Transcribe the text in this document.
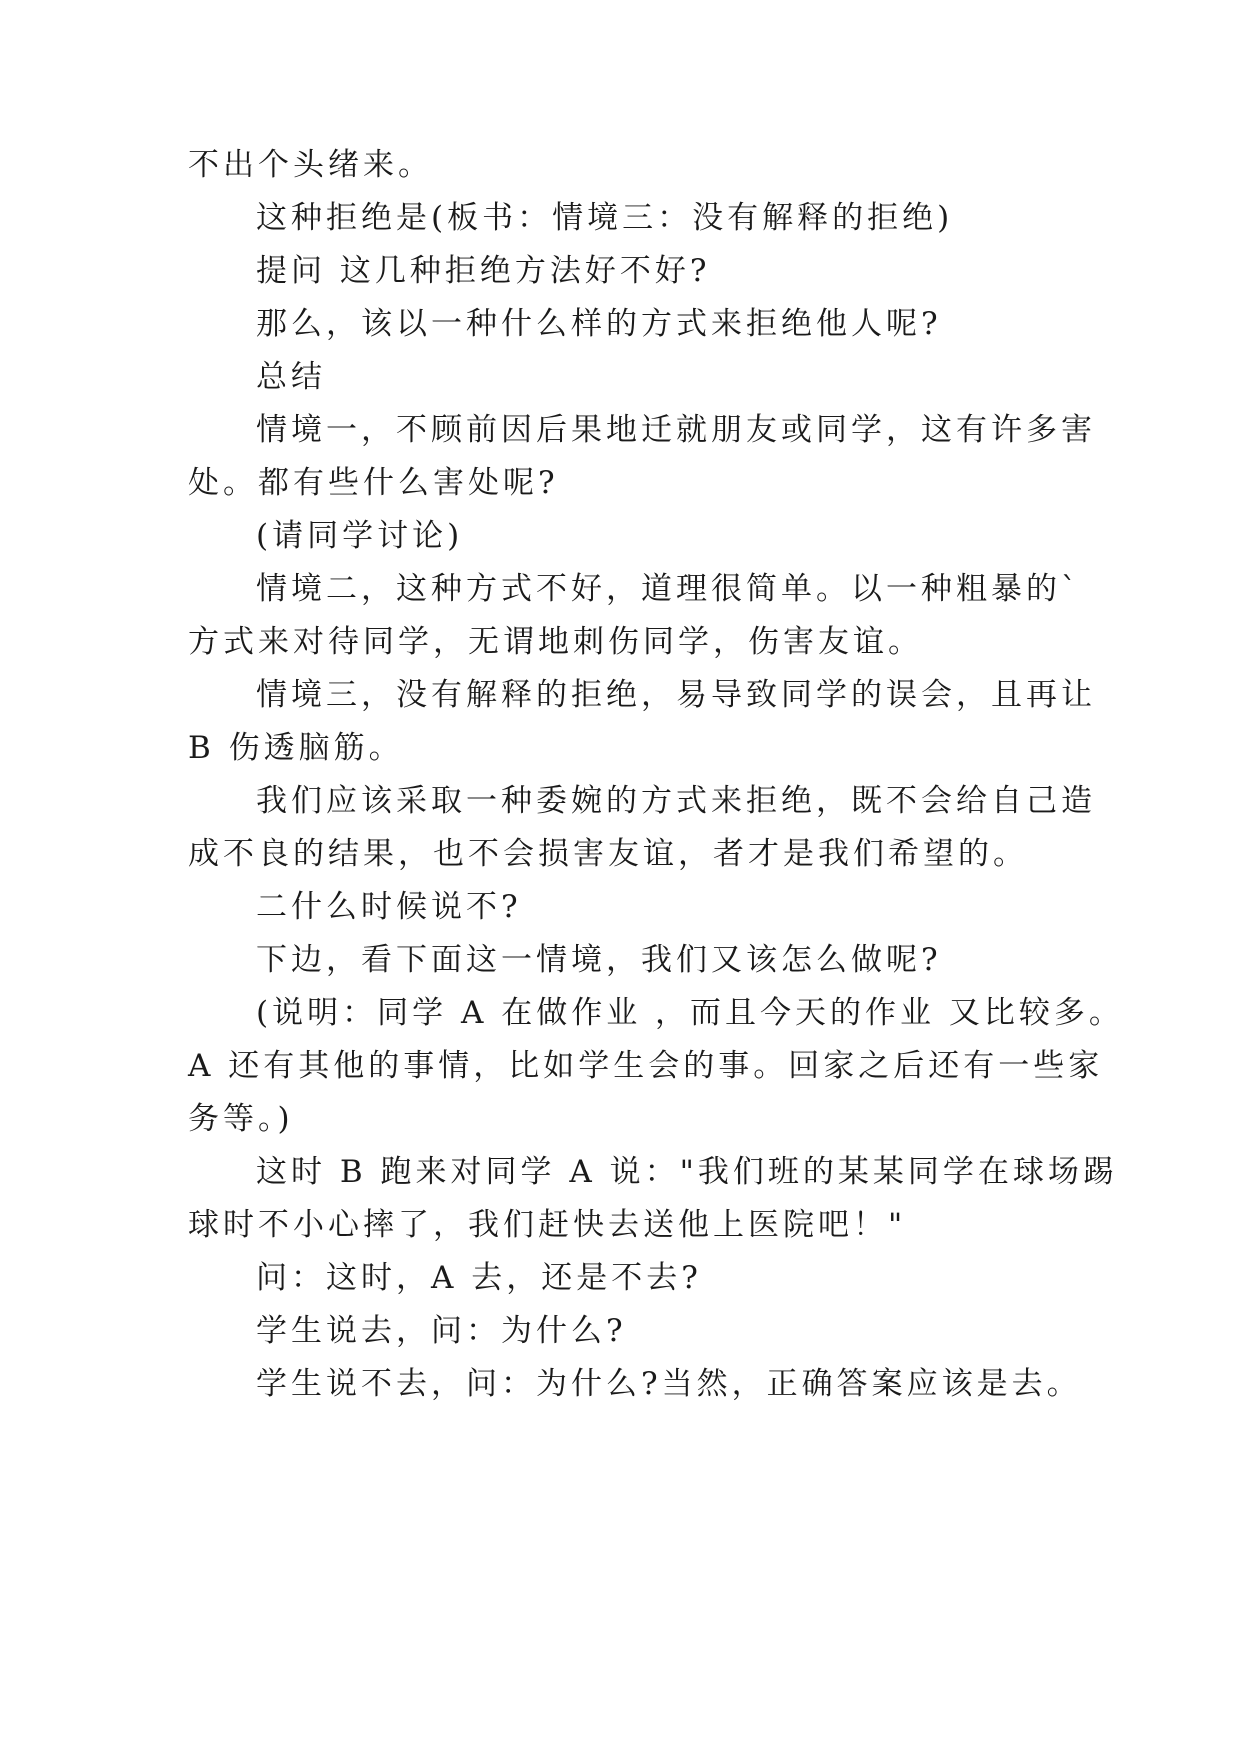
不出个头绪来。
这种拒绝是(板书：情境三：没有解释的拒绝)
提问 这几种拒绝方法好不好?
那么，该以一种什么样的方式来拒绝他人呢?
总结
情境一，不顾前因后果地迁就朋友或同学，这有许多害
处。都有些什么害处呢?
(请同学讨论)
情境二，这种方式不好，道理很简单。以一种粗暴的`
方式来对待同学，无谓地刺伤同学，伤害友谊。
情境三，没有解释的拒绝，易导致同学的误会，且再让
B 伤透脑筋。
我们应该采取一种委婉的方式来拒绝，既不会给自己造
成不良的结果，也不会损害友谊，者才是我们希望的。
二什么时候说不?
下边，看下面这一情境，我们又该怎么做呢?
(说明：同学 A 在做作业 ，而且今天的作业 又比较多。
A 还有其他的事情，比如学生会的事。回家之后还有一些家
务等。)
这时 B 跑来对同学 A 说："我们班的某某同学在球场踢
球时不小心摔了，我们赶快去送他上医院吧！"
问：这时，A 去，还是不去?
学生说去，问：为什么?
学生说不去，问：为什么?当然，正确答案应该是去。
